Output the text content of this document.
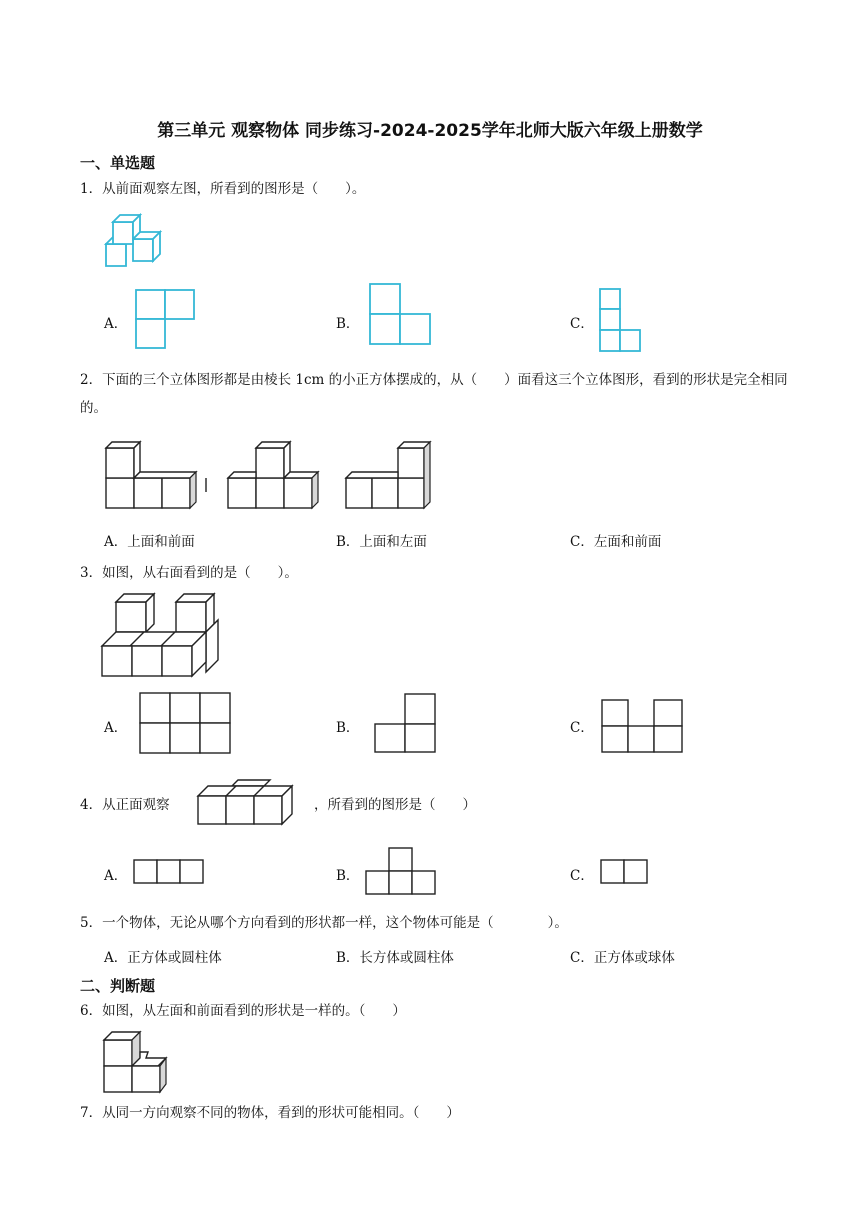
第三单元 观察物体 同步练习-2024-2025学年北师大版六年级上册数学
一、单选题
1．从前面观察左图，所看到的图形是（　　）。
A．	B．	C．
2．下面的三个立体图形都是由棱长 1cm 的小正方体摆成的，从（　　）面看这三个立体图形，看到的形状是完全相同的。
A．上面和前面	B．上面和左面	C．左面和前面
3．如图，从右面看到的是（　　）。
A．	B．	C．
4．从正面观察	，所看到的图形是（　　）
A．	B．	C．
5．一个物体，无论从哪个方向看到的形状都一样，这个物体可能是（　　　　）。
A．正方体或圆柱体	B．长方体或圆柱体	C．正方体或球体
二、判断题
6．如图，从左面和前面看到的形状是一样的。（　　）
7．从同一方向观察不同的物体，看到的形状可能相同。（　　）
